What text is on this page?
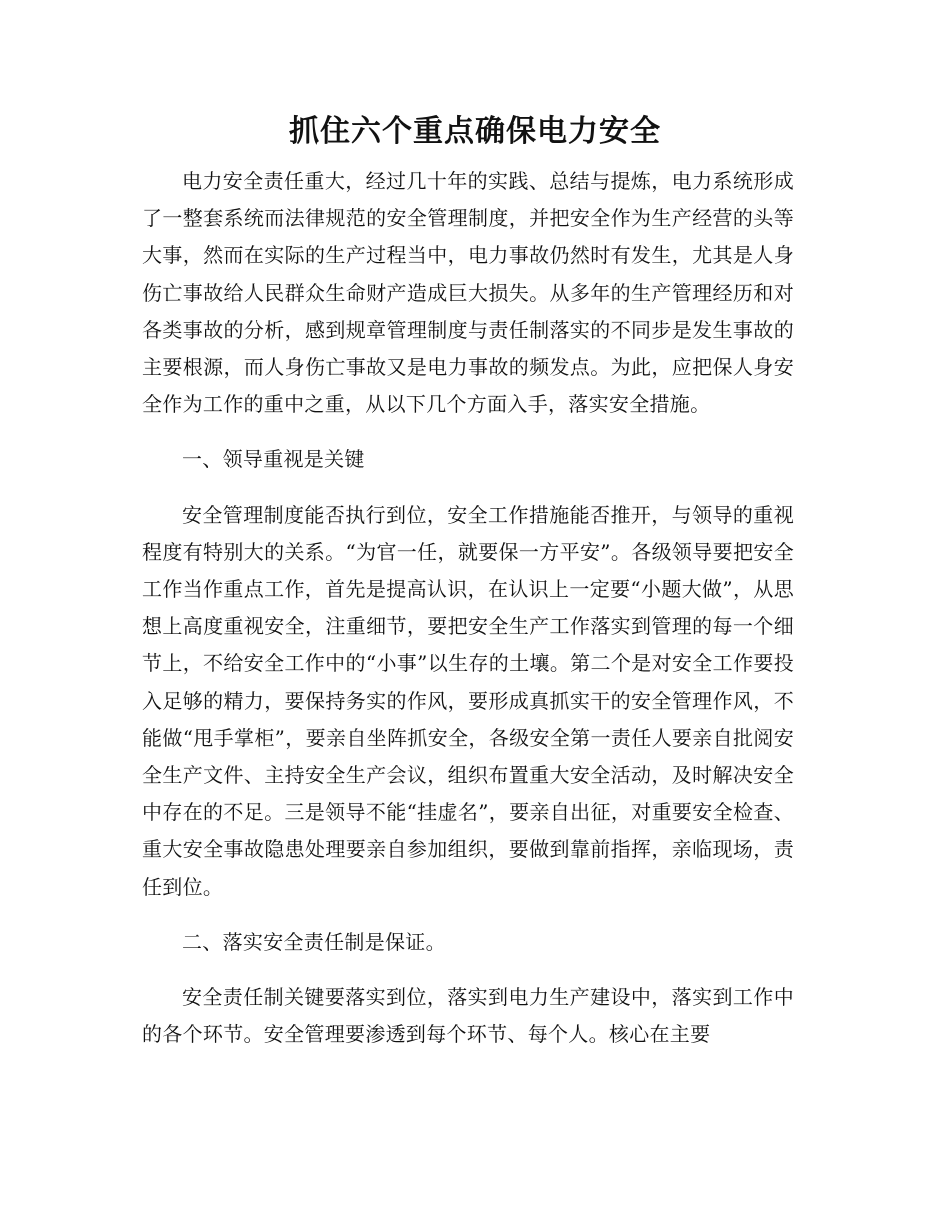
抓住六个重点确保电力安全

电力安全责任重大，经过几十年的实践、总结与提炼，电力系统形成了一整套系统而法律规范的安全管理制度，并把安全作为生产经营的头等大事，然而在实际的生产过程当中，电力事故仍然时有发生，尤其是人身伤亡事故给人民群众生命财产造成巨大损失。从多年的生产管理经历和对各类事故的分析，感到规章管理制度与责任制落实的不同步是发生事故的主要根源，而人身伤亡事故又是电力事故的频发点。为此，应把保人身安全作为工作的重中之重，从以下几个方面入手，落实安全措施。

一、领导重视是关键

安全管理制度能否执行到位，安全工作措施能否推开，与领导的重视程度有特别大的关系。“为官一任，就要保一方平安”。各级领导要把安全工作当作重点工作，首先是提高认识，在认识上一定要“小题大做”，从思想上高度重视安全，注重细节，要把安全生产工作落实到管理的每一个细节上，不给安全工作中的“小事”以生存的土壤。第二个是对安全工作要投入足够的精力，要保持务实的作风，要形成真抓实干的安全管理作风，不能做“甩手掌柜”，要亲自坐阵抓安全，各级安全第一责任人要亲自批阅安全生产文件、主持安全生产会议，组织布置重大安全活动，及时解决安全中存在的不足。三是领导不能“挂虚名”，要亲自出征，对重要安全检查、重大安全事故隐患处理要亲自参加组织，要做到靠前指挥，亲临现场，责任到位。

二、落实安全责任制是保证。

安全责任制关键要落实到位，落实到电力生产建设中，落实到工作中的各个环节。安全管理要渗透到每个环节、每个人。核心在主要
